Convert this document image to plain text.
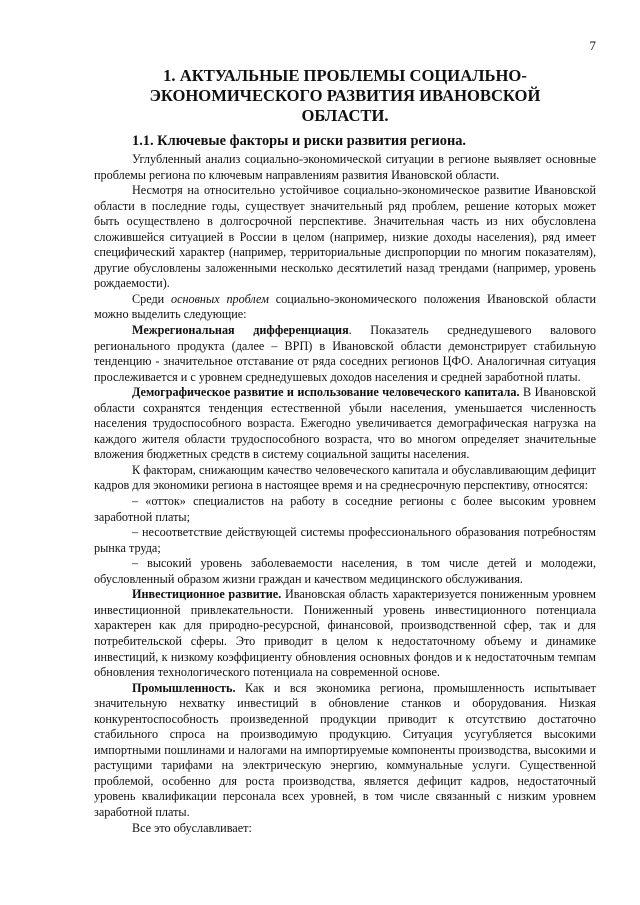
7
1. АКТУАЛЬНЫЕ ПРОБЛЕМЫ СОЦИАЛЬНО-
ЭКОНОМИЧЕСКОГО РАЗВИТИЯ ИВАНОВСКОЙ
ОБЛАСТИ.
1.1. Ключевые факторы и риски развития региона.

Углубленный анализ социально-экономической ситуации в регионе выявляет основные проблемы региона по ключевым направлениям развития Ивановской области.

Несмотря на относительно устойчивое социально-экономическое развитие Ивановской области в последние годы, существует значительный ряд проблем, решение которых может быть осуществлено в долгосрочной перспективе. Значительная часть из них обусловлена сложившейся ситуацией в России в целом (например, низкие доходы населения), ряд имеет специфический характер (например, территориальные диспропорции по многим показателям), другие обусловлены заложенными несколько десятилетий назад трендами (например, уровень рождаемости).

Среди основных проблем социально-экономического положения Ивановской области можно выделить следующие:

Межрегиональная дифференциация. Показатель среднедушевого валового регионального продукта (далее – ВРП) в Ивановской области демонстрирует стабильную тенденцию - значительное отставание от ряда соседних регионов ЦФО. Аналогичная ситуация прослеживается и с уровнем среднедушевых доходов населения и средней заработной платы.

Демографическое развитие и использование человеческого капитала. В Ивановской области сохранятся тенденция естественной убыли населения, уменьшается численность населения трудоспособного возраста. Ежегодно увеличивается демографическая нагрузка на каждого жителя области трудоспособного возраста, что во многом определяет значительные вложения бюджетных средств в систему социальной защиты населения.

К факторам, снижающим качество человеческого капитала и обуславливающим дефицит кадров для экономики региона в настоящее время и на среднесрочную перспективу, относятся:

– «отток» специалистов на работу в соседние регионы с более высоким уровнем заработной платы;

– несоответствие действующей системы профессионального образования потребностям рынка труда;

– высокий уровень заболеваемости населения, в том числе детей и молодежи, обусловленный образом жизни граждан и качеством медицинского обслуживания.

Инвестиционное развитие. Ивановская область характеризуется пониженным уровнем инвестиционной привлекательности. Пониженный уровень инвестиционного потенциала характерен как для природно-ресурсной, финансовой, производственной сфер, так и для потребительской сферы. Это приводит в целом к недостаточному объему и динамике инвестиций, к низкому коэффициенту обновления основных фондов и к недостаточным темпам обновления технологического потенциала на современной основе.

Промышленность. Как и вся экономика региона, промышленность испытывает значительную нехватку инвестиций в обновление станков и оборудования. Низкая конкурентоспособность произведенной продукции приводит к отсутствию достаточно стабильного спроса на производимую продукцию. Ситуация усугубляется высокими импортными пошлинами и налогами на импортируемые компоненты производства, высокими и растущими тарифами на электрическую энергию, коммунальные услуги. Существенной проблемой, особенно для роста производства, является дефицит кадров, недостаточный уровень квалификации персонала всех уровней, в том числе связанный с низким уровнем заработной платы.

Все это обуславливает:
